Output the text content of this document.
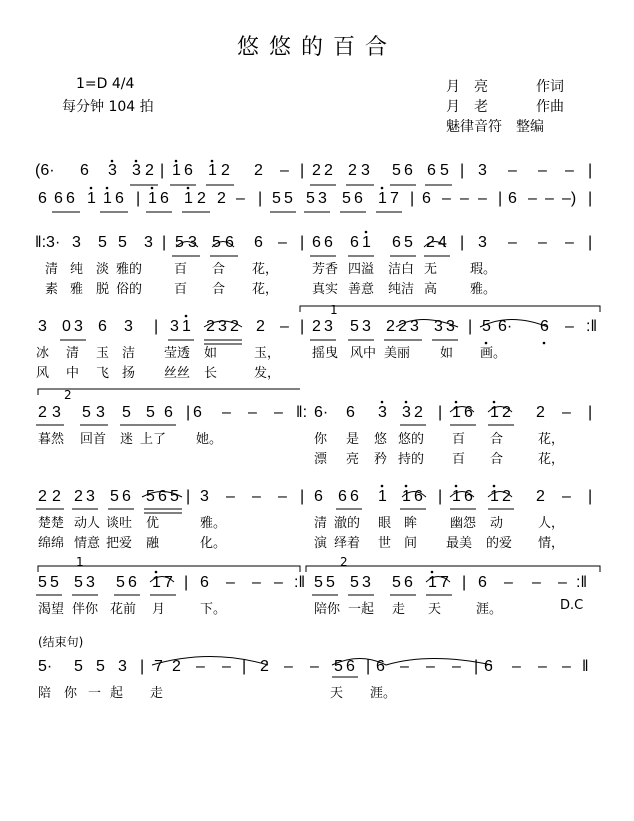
悠悠的百合
1=D 4/4
每分钟 104 拍
月　亮	作词
月　老	作曲
魅律音符　整编
(6· 6 3 3 2 | 1 6 1 2 2 – | 2 2 2 3 5 6 6 5 | 3 – – – |
6 6 6 1 1 6 | 1 6 1 2 2 – | 5 5 5 3 5 6 1 7 | 6 – – – | 6 – – –) |
‖:3· 3 5 5 3 | 5 3 5 6 6 – | 6 6 6 1 6 5 2 4 | 3 – – – |
清 纯 淡 雅的 百 合 花，	芳香 四溢 洁白 无	瑕。
素 雅 脱 俗的 百 合 花，	真实 善意 纯洁 高	雅。
3 0 3 6 3 | 3 1 2 3 2 2 – | 2 3 5 3 2 2 3 3 3 | 5 6· 6 – :‖
冰 清 玉 洁 莹透 如	玉， 摇曳 风中 美丽 如 画。
风 中 飞 扬 丝丝 长	发，
2 3 5 3 5 5 6 | 6 – – – ‖: 6· 6 3 3 2 | 1 6 1 2 2 – |
暮然 回首 迷 上了 她。	你 是 悠 悠的 百 合	花，
漂 亮 矜 持的 百 合	花，
2 2 2 3 5 6 5 6 5 | 3 – – – | 6 6 6 1 1 6 | 1 6 1 2 2 – |
楚楚 动人 谈吐 优	雅。	清 澈的 眼 眸	幽怨 动	人，
绵绵 情意 把爱 融	化。	演 绎着 世 间 最美 的爱 情，
5 5 5 3 5 6 1 7 | 6 – – – :‖ 5 5 5 3 5 6 1 7 | 6 – – – :‖
渴望 伴你 花前 月	下。	陪你 一起 走 天	涯。	D.C
5· 5 5 3 | 7 2 – – | 2 – – 5 6 | 6 – – – | 6 – – – ‖
陪 你 一 起 走	天 涯。
1
2
1	2
(结束句)
